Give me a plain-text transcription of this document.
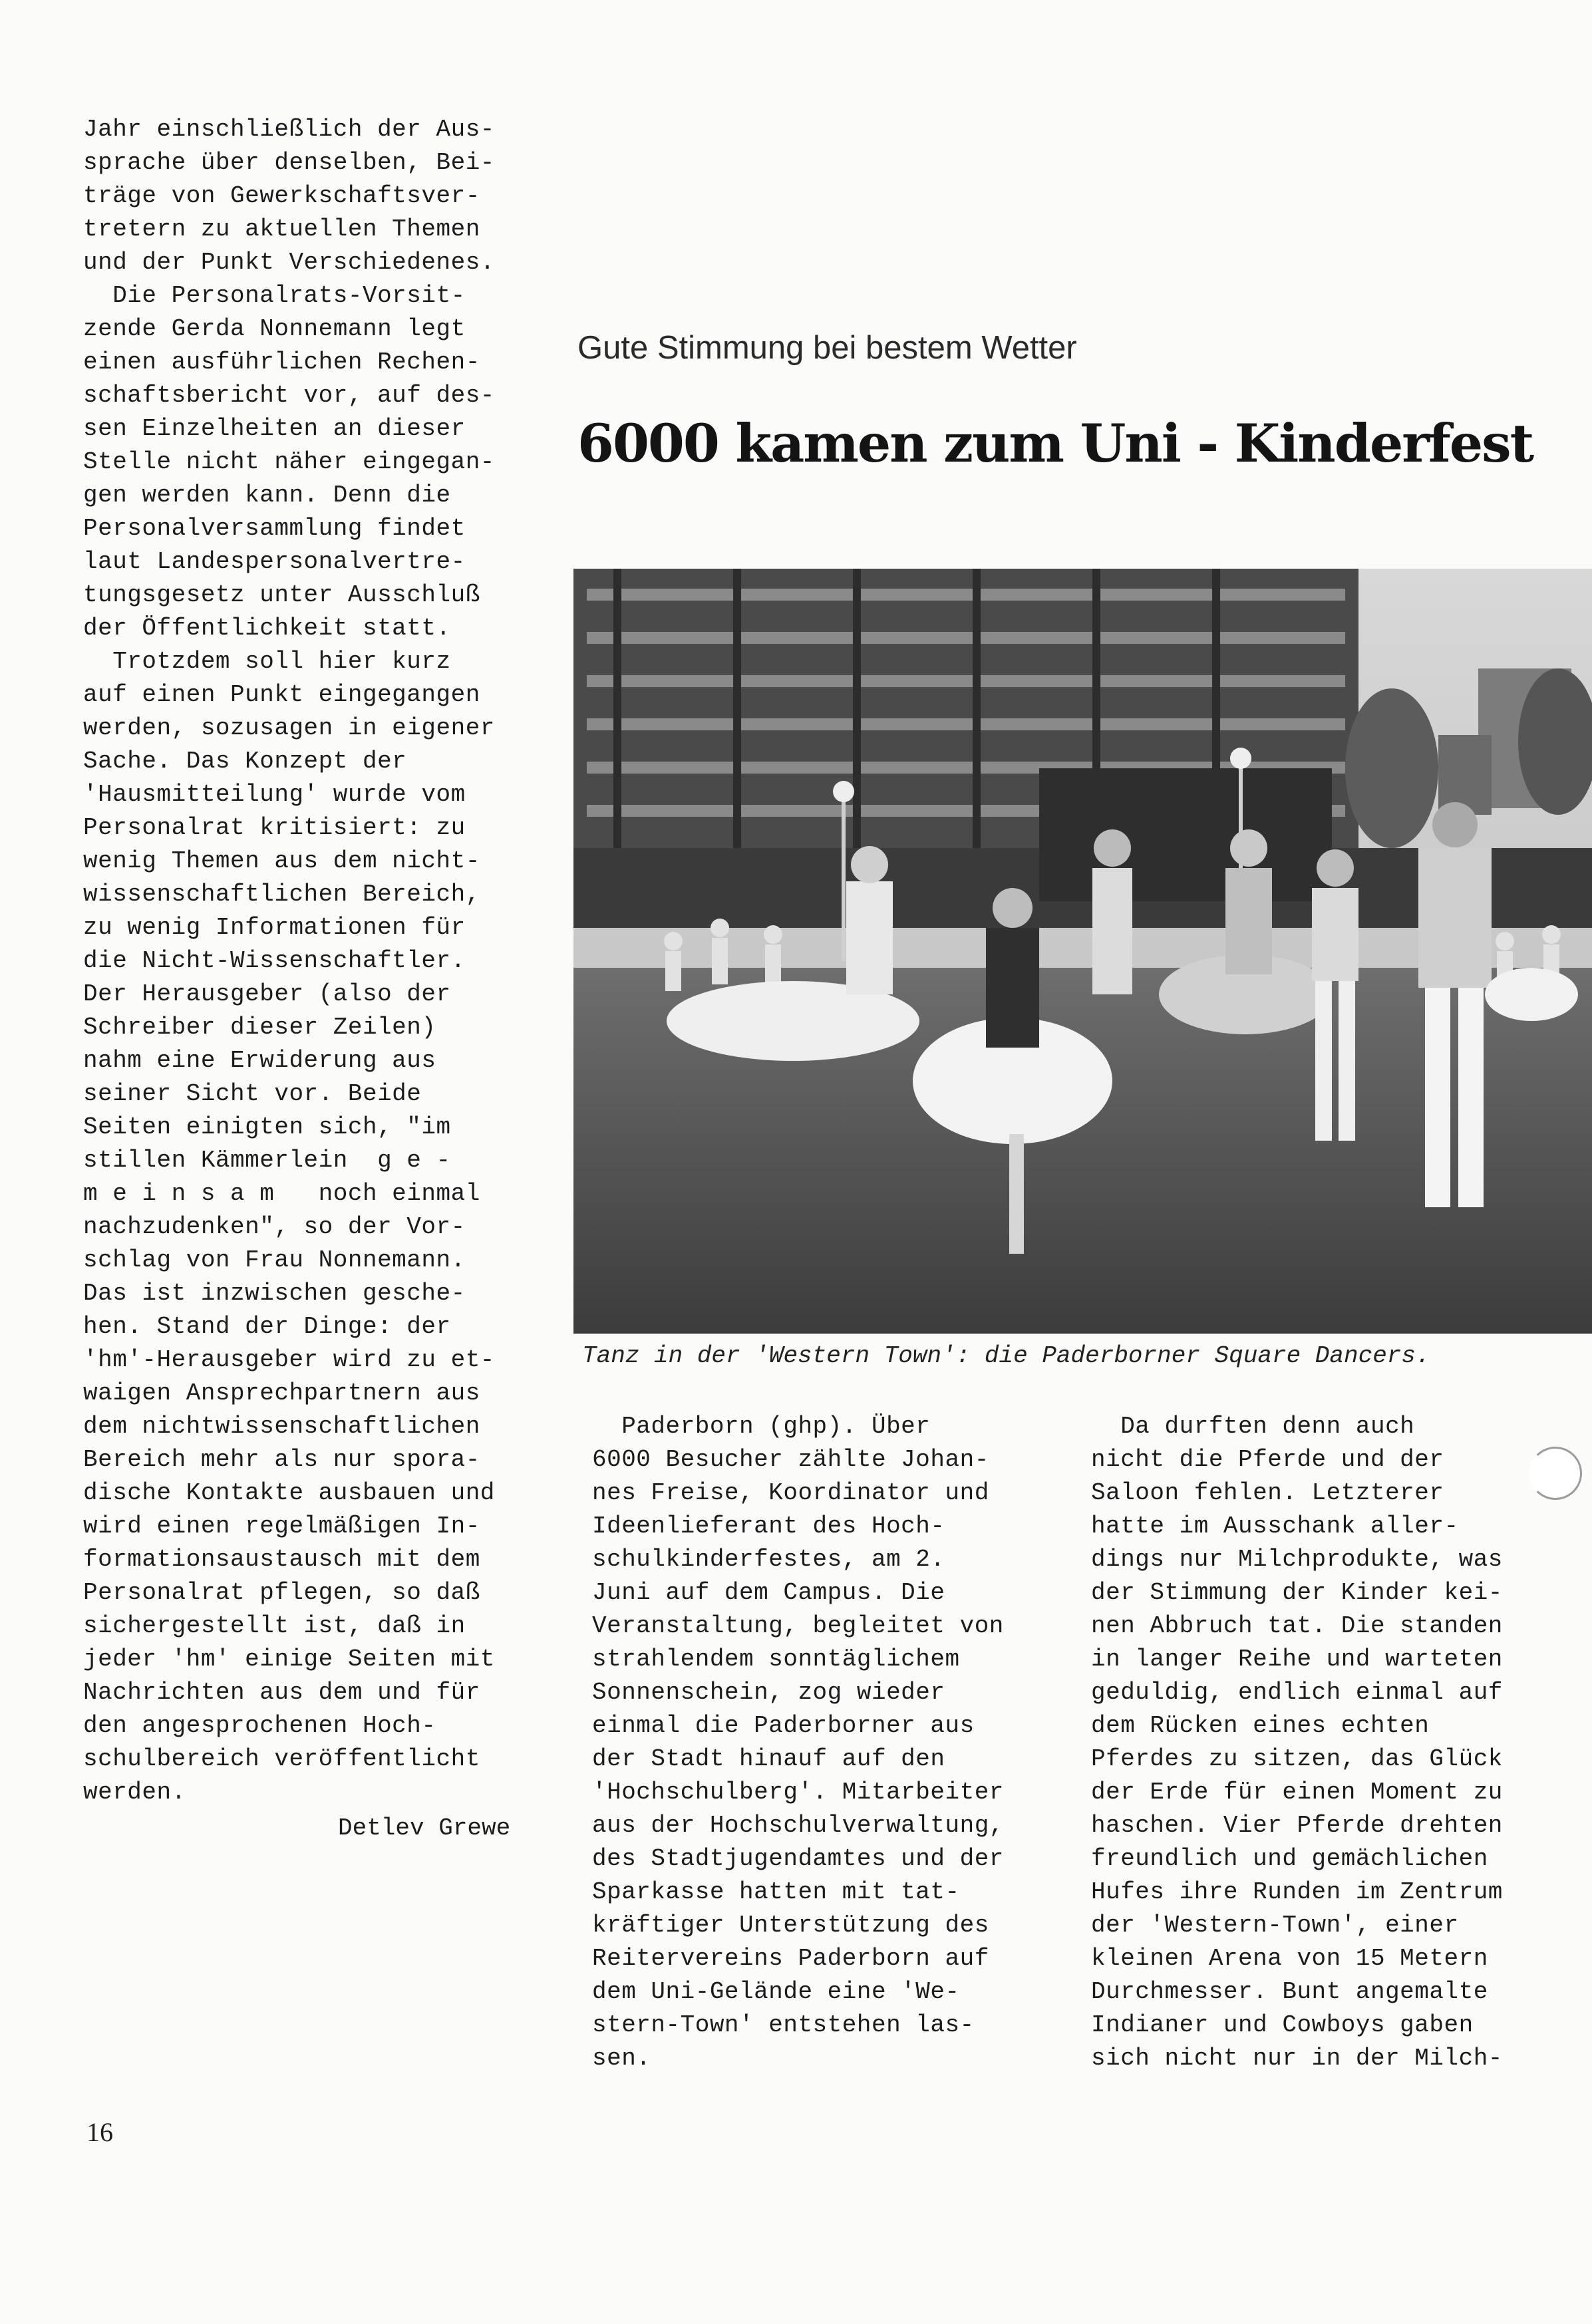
Jahr einschließlich der Aus-

sprache über denselben, Bei-

träge von Gewerkschaftsver-

tretern zu aktuellen Themen

und der Punkt Verschiedenes.

Die Personalrats-Vorsit-

zende Gerda Nonnemann legt

einen ausführlichen Rechen-

schaftsbericht vor, auf des-

sen Einzelheiten an dieser

Stelle nicht näher eingegan-

gen werden kann. Denn die

Personalversammlung findet

laut Landespersonalvertre-

tungsgesetz unter Ausschluß

der Öffentlichkeit statt.

Trotzdem soll hier kurz

auf einen Punkt eingegangen

werden, sozusagen in eigener

Sache. Das Konzept der

'Hausmitteilung' wurde vom

Personalrat kritisiert: zu

wenig Themen aus dem nicht-

wissenschaftlichen Bereich,

zu wenig Informationen für

die Nicht-Wissenschaftler.

Der Herausgeber (also der

Schreiber dieser Zeilen)

nahm eine Erwiderung aus

seiner Sicht vor. Beide

Seiten einigten sich, "im

stillen Kämmerlein  g e -

m e i n s a m   noch einmal

nachzudenken", so der Vor-

schlag von Frau Nonnemann.

Das ist inzwischen gesche-

hen. Stand der Dinge: der

'hm'-Herausgeber wird zu et-

waigen Ansprechpartnern aus

dem nichtwissenschaftlichen

Bereich mehr als nur spora-

dische Kontakte ausbauen und

wird einen regelmäßigen In-

formationsaustausch mit dem

Personalrat pflegen, so daß

sichergestellt ist, daß in

jeder 'hm' einige Seiten mit

Nachrichten aus dem und für

den angesprochenen Hoch-

schulbereich veröffentlicht

werden.

Detlev Grewe
Gute Stimmung bei bestem Wetter
6000 kamen zum Uni - Kinderfest
Tanz in der 'Western Town': die Paderborner Square Dancers.

Paderborn (ghp). Über

6000 Besucher zählte Johan-

nes Freise, Koordinator und

Ideenlieferant des Hoch-

schulkinderfestes, am 2.

Juni auf dem Campus. Die

Veranstaltung, begleitet von

strahlendem sonntäglichem

Sonnenschein, zog wieder

einmal die Paderborner aus

der Stadt hinauf auf den

'Hochschulberg'. Mitarbeiter

aus der Hochschulverwaltung,

des Stadtjugendamtes und der

Sparkasse hatten mit tat-

kräftiger Unterstützung des

Reitervereins Paderborn auf

dem Uni-Gelände eine 'We-

stern-Town' entstehen las-

sen.

Da durften denn auch

nicht die Pferde und der

Saloon fehlen. Letzterer

hatte im Ausschank aller-

dings nur Milchprodukte, was

der Stimmung der Kinder kei-

nen Abbruch tat. Die standen

in langer Reihe und warteten

geduldig, endlich einmal auf

dem Rücken eines echten

Pferdes zu sitzen, das Glück

der Erde für einen Moment zu

haschen. Vier Pferde drehten

freundlich und gemächlichen

Hufes ihre Runden im Zentrum

der 'Western-Town', einer

kleinen Arena von 15 Metern

Durchmesser. Bunt angemalte

Indianer und Cowboys gaben

sich nicht nur in der Milch-

16
